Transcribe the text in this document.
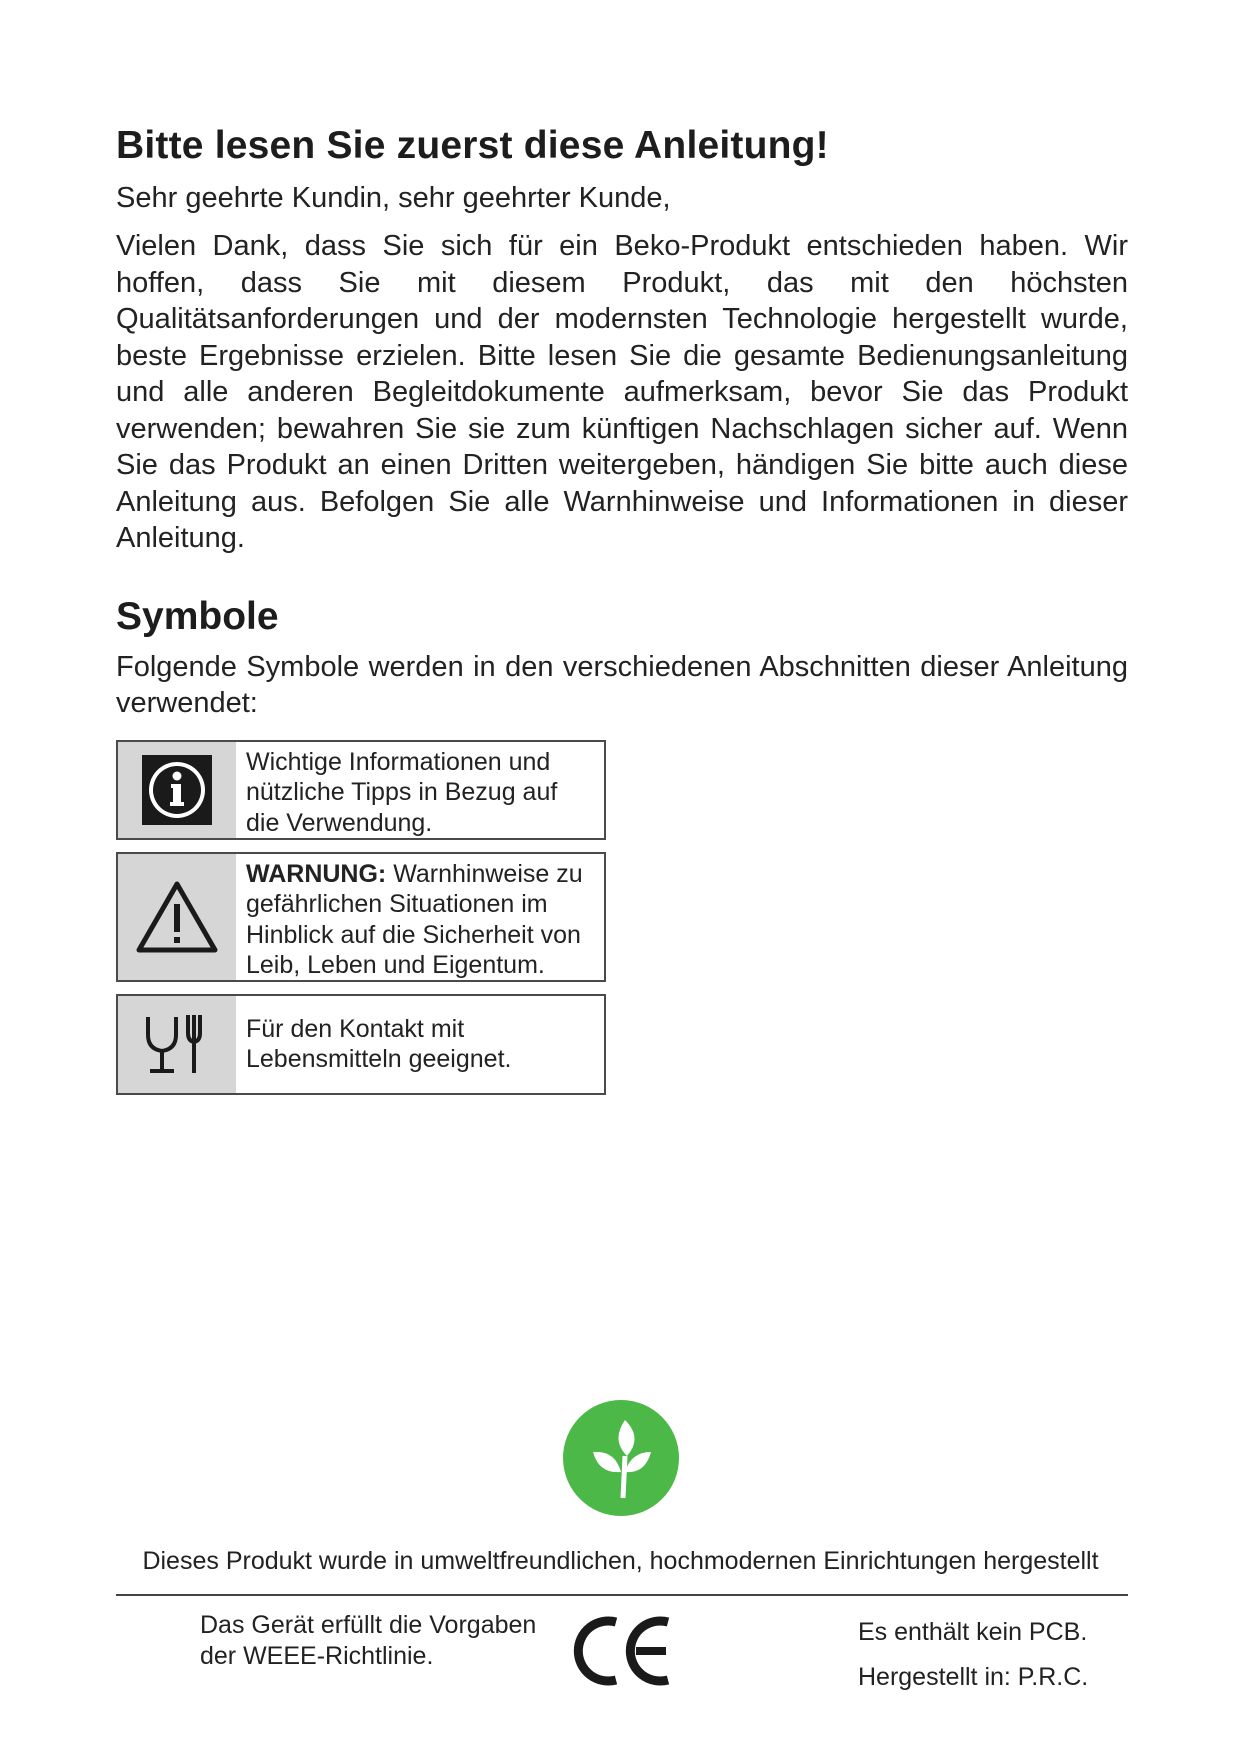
Bitte lesen Sie zuerst diese Anleitung!

Sehr geehrte Kundin, sehr geehrter Kunde,

Vielen Dank, dass Sie sich für ein Beko-Produkt entschieden haben. Wir hoffen, dass Sie mit diesem Produkt, das mit den höchsten Qualitätsanforderungen und der modernsten Technologie hergestellt wurde, beste Ergebnisse erzielen. Bitte lesen Sie die gesamte Bedienungsanleitung und alle anderen Begleitdokumente aufmerksam, bevor Sie das Produkt verwenden; bewahren Sie sie zum künftigen Nachschlagen sicher auf. Wenn Sie das Produkt an einen Dritten weitergeben, händigen Sie bitte auch diese Anleitung aus. Befolgen Sie alle Warnhinweise und Informationen in dieser Anleitung.

Symbole

Folgende Symbole werden in den verschiedenen Abschnitten dieser Anleitung verwendet:

Wichtige Informationen und nützliche Tipps in Bezug auf die Verwendung.
WARNUNG: Warnhinweise zu gefährlichen Situationen im Hinblick auf die Sicherheit von Leib, Leben und Eigentum.
Für den Kontakt mit Lebensmitteln geeignet.
Dieses Produkt wurde in umweltfreundlichen, hochmodernen Einrichtungen hergestellt
Das Gerät erfüllt die Vorgaben
der WEEE-Richtlinie.
Es enthält kein PCB.
Hergestellt in: P.R.C.
